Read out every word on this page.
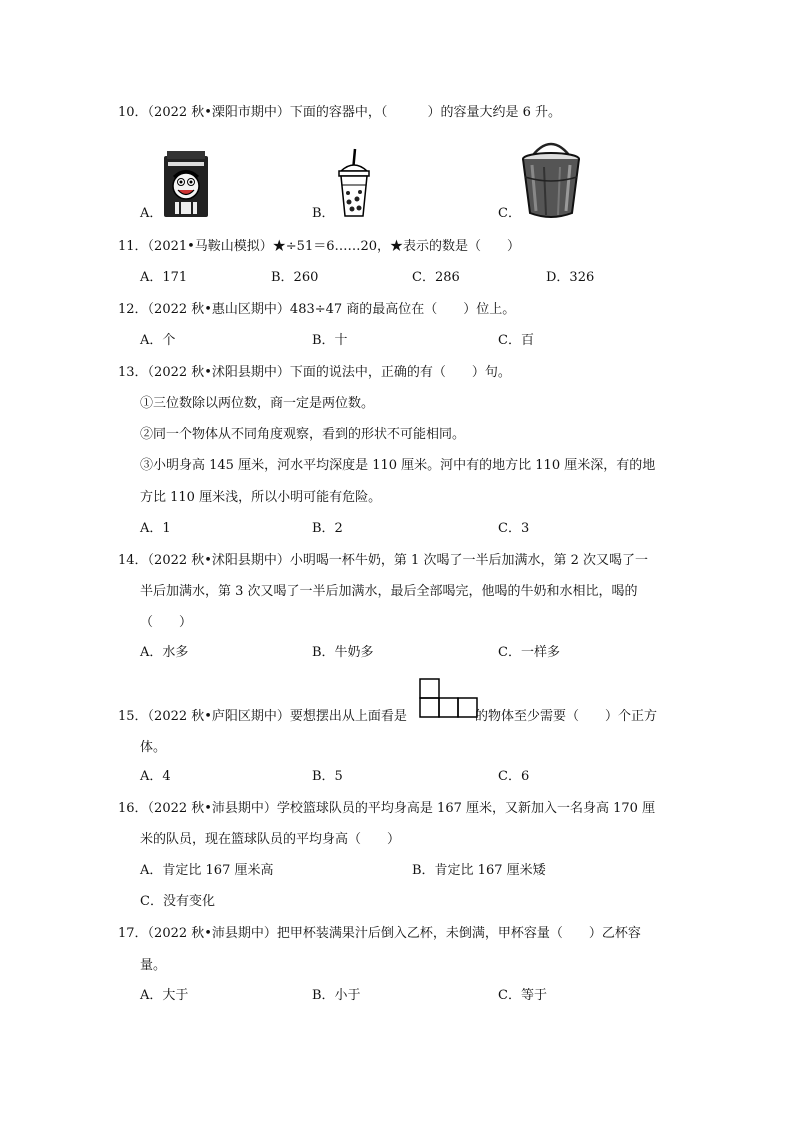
10．（2022 秋•溧阳市期中）下面的容器中，（	）的容量大约是 6 升。
A．	B．	C．
11．（2021•马鞍山模拟）★÷51＝6……20，★表示的数是（　　）
A．171	B．260	C．286	D．326
12．（2022 秋•惠山区期中）483÷47 商的最高位在（　　）位上。
A．个	B．十	C．百
13．（2022 秋•沭阳县期中）下面的说法中，正确的有（　　）句。
①三位数除以两位数，商一定是两位数。
②同一个物体从不同角度观察，看到的形状不可能相同。
③小明身高 145 厘米，河水平均深度是 110 厘米。河中有的地方比 110 厘米深，有的地
方比 110 厘米浅，所以小明可能有危险。
A．1	B．2	C．3
14．（2022 秋•沭阳县期中）小明喝一杯牛奶，第 1 次喝了一半后加满水，第 2 次又喝了一
半后加满水，第 3 次又喝了一半后加满水，最后全部喝完，他喝的牛奶和水相比，喝的
（　　）
A．水多	B．牛奶多	C．一样多
15．（2022 秋•庐阳区期中）要想摆出从上面看是	的物体至少需要（　　）个正方
体。
A．4	B．5	C．6
16．（2022 秋•沛县期中）学校篮球队员的平均身高是 167 厘米，又新加入一名身高 170 厘
米的队员，现在篮球队员的平均身高（　　）
A．肯定比 167 厘米高	B．肯定比 167 厘米矮
C．没有变化
17．（2022 秋•沛县期中）把甲杯装满果汁后倒入乙杯，未倒满，甲杯容量（　　）乙杯容
量。
A．大于	B．小于	C．等于
